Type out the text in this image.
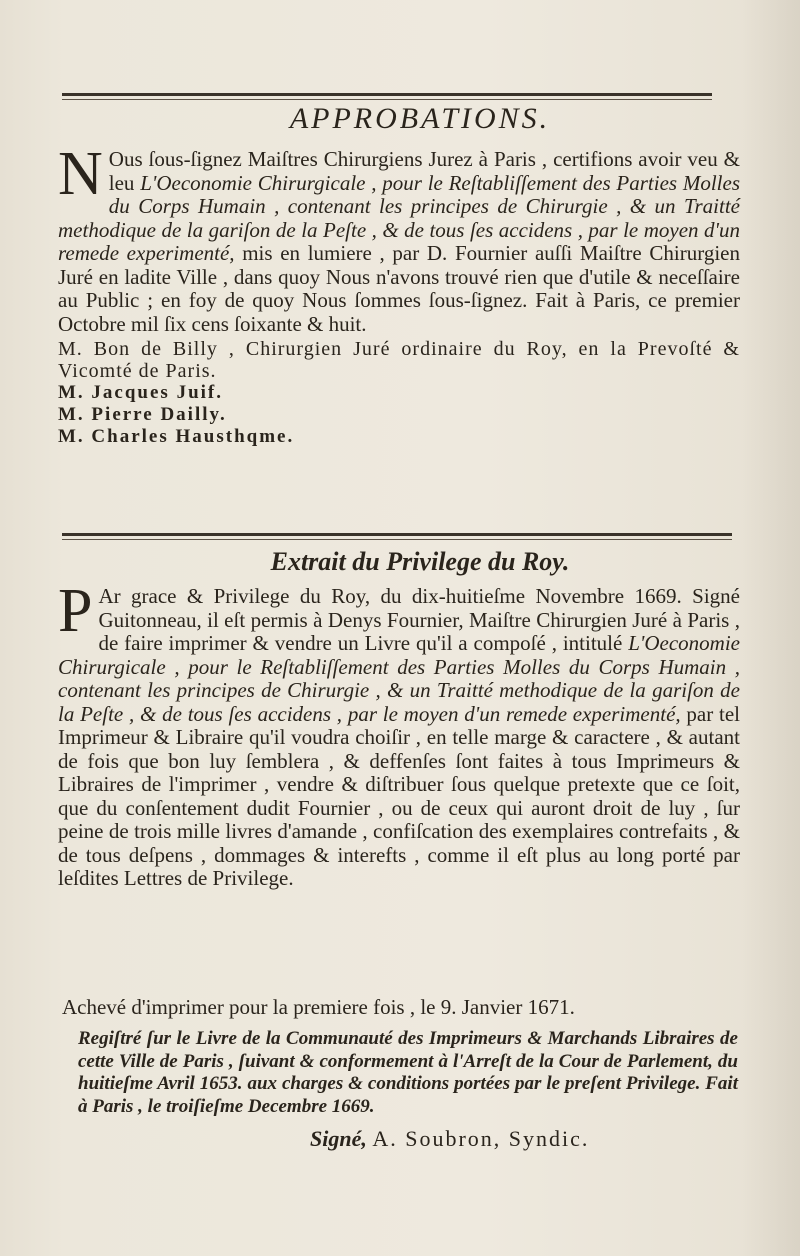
APPROBATIONS.

N Ous ſous-ſignez Maiſtres Chirurgiens Jurez à Paris , certifions avoir veu & leu L'Oeconomie Chirurgicale , pour le Reſtabliſſement des Parties Molles du Corps Humain , contenant les principes de Chirurgie , & un Traitté methodique de la gariſon de la Peſte , & de tous ſes accidens , par le moyen d'un remede experimenté, mis en lumiere , par D. Fournier auſſi Maiſtre Chirurgien Juré en ladite Ville , dans quoy Nous n'avons trouvé rien que d'utile & neceſſaire au Public ; en foy de quoy Nous ſommes ſous-ſignez. Fait à Paris, ce premier Octobre mil ſix cens ſoixante & huit.

M. Bon de Billy , Chirurgien Juré ordinaire du Roy, en la Prevoſté & Vicomté de Paris.
M. Jacques Juif.
M. Pierre Dailly.
M. Charles Hausthqme.

Extrait du Privilege du Roy.

P Ar grace & Privilege du Roy, du dix-huitieſme Novembre 1669. Signé Guitonneau, il eſt permis à Denys Fournier, Maiſtre Chirurgien Juré à Paris , de faire imprimer & vendre un Livre qu'il a compoſé , intitulé L'Oeconomie Chirurgicale , pour le Reſtabliſſement des Parties Molles du Corps Humain , contenant les principes de Chirurgie , & un Traitté methodique de la gariſon de la Peſte , & de tous ſes accidens , par le moyen d'un remede experimenté, par tel Imprimeur & Libraire qu'il voudra choiſir , en telle marge & caractere , & autant de fois que bon luy ſemblera , & deffenſes ſont faites à tous Imprimeurs & Libraires de l'imprimer , vendre & diſtribuer ſous quelque pretexte que ce ſoit, que du conſentement dudit Fournier , ou de ceux qui auront droit de luy , ſur peine de trois mille livres d'amande , confiſcation des exemplaires contrefaits , & de tous deſpens , dommages & interefts , comme il eſt plus au long porté par leſdites Lettres de Privilege.

Achevé d'imprimer pour la premiere fois , le 9. Janvier 1671.
Regiſtré ſur le Livre de la Communauté des Imprimeurs & Marchands Libraires de cette Ville de Paris , ſuivant & conformement à l'Arreſt de la Cour de Parlement, du huitieſme Avril 1653. aux charges & conditions portées par le preſent Privilege. Fait à Paris , le troiſieſme Decembre 1669.
Signé, A. Soubron, Syndic.
